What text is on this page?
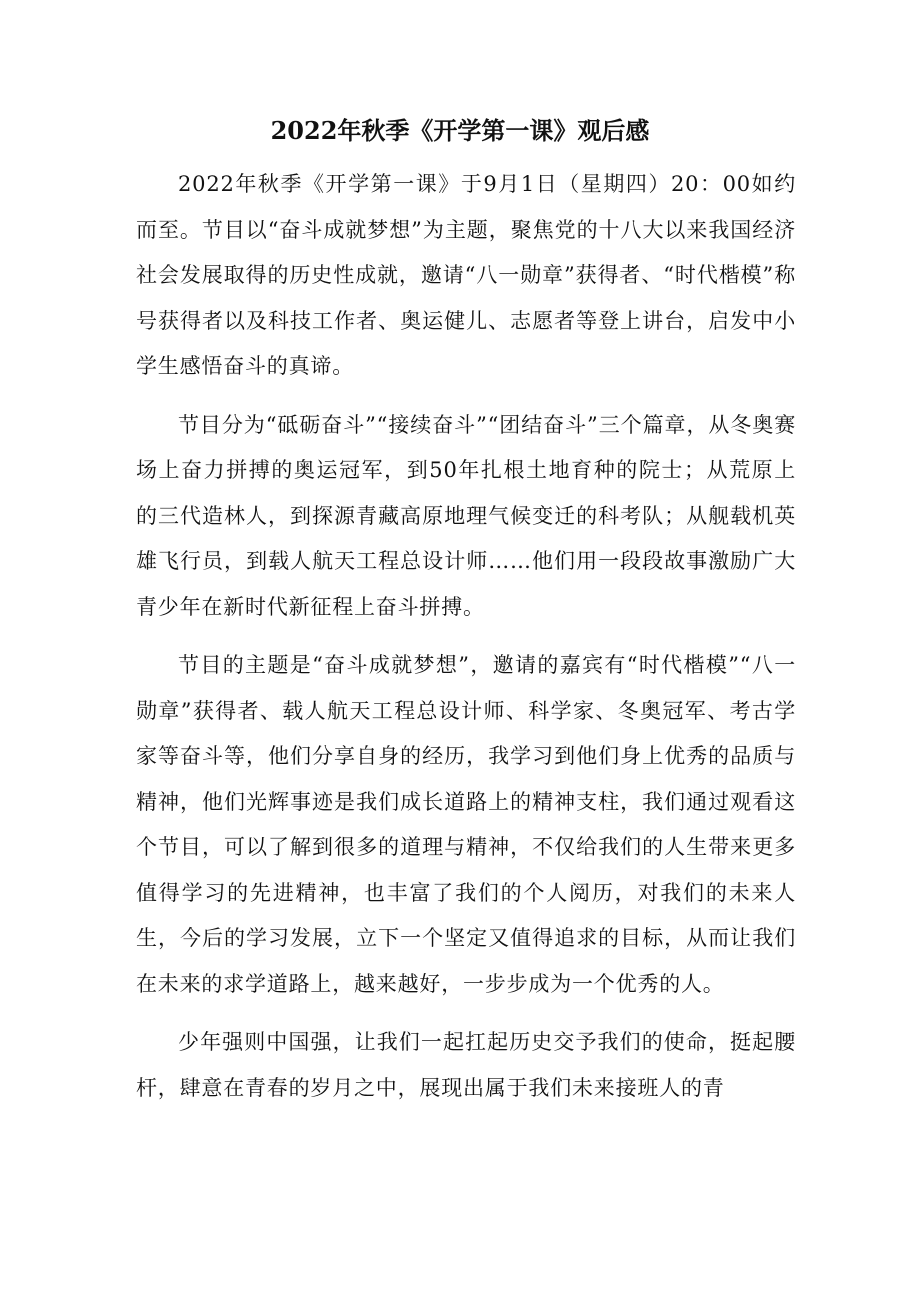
2022年秋季《开学第一课》观后感

2022年秋季《开学第一课》于9月1日（星期四）20：00如约而至。节目以“奋斗成就梦想”为主题，聚焦党的十八大以来我国经济社会发展取得的历史性成就，邀请“八一勋章”获得者、“时代楷模”称号获得者以及科技工作者、奥运健儿、志愿者等登上讲台，启发中小学生感悟奋斗的真谛。

节目分为“砥砺奋斗”“接续奋斗”“团结奋斗”三个篇章，从冬奥赛场上奋力拼搏的奥运冠军，到50年扎根土地育种的院士；从荒原上的三代造林人，到探源青藏高原地理气候变迁的科考队；从舰载机英雄飞行员，到载人航天工程总设计师……他们用一段段故事激励广大青少年在新时代新征程上奋斗拼搏。

节目的主题是“奋斗成就梦想”，邀请的嘉宾有“时代楷模”“八一勋章”获得者、载人航天工程总设计师、科学家、冬奥冠军、考古学家等奋斗等，他们分享自身的经历，我学习到他们身上优秀的品质与精神，他们光辉事迹是我们成长道路上的精神支柱，我们通过观看这个节目，可以了解到很多的道理与精神，不仅给我们的人生带来更多值得学习的先进精神，也丰富了我们的个人阅历，对我们的未来人生，今后的学习发展，立下一个坚定又值得追求的目标，从而让我们在未来的求学道路上，越来越好，一步步成为一个优秀的人。

少年强则中国强，让我们一起扛起历史交予我们的使命，挺起腰杆，肆意在青春的岁月之中，展现出属于我们未来接班人的青
